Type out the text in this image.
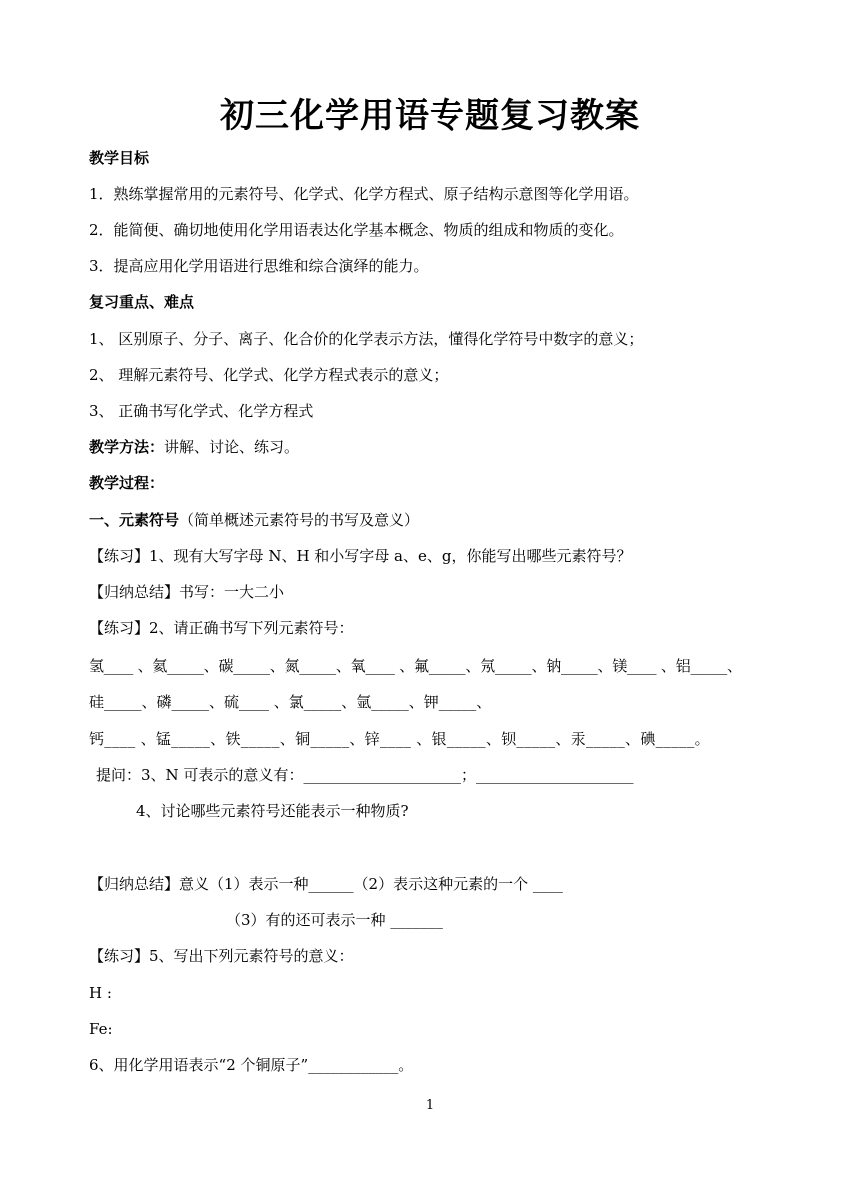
初三化学用语专题复习教案
教学目标
1．熟练掌握常用的元素符号、化学式、化学方程式、原子结构示意图等化学用语。
2．能简便、确切地使用化学用语表达化学基本概念、物质的组成和物质的变化。
3．提高应用化学用语进行思维和综合演绎的能力。
复习重点、难点
1、 区别原子、分子、离子、化合价的化学表示方法，懂得化学符号中数字的意义；
2、 理解元素符号、化学式、化学方程式表示的意义；
3、 正确书写化学式、化学方程式
教学方法：讲解、讨论、练习。
教学过程：
一、元素符号（简单概述元素符号的书写及意义）
【练习】1、现有大写字母 N、H 和小写字母 a、e、g，你能写出哪些元素符号？
【归纳总结】书写：一大二小
【练习】2、请正确书写下列元素符号：
氢____ 、氦_____、碳_____、氮_____、氧____ 、氟_____、氖_____、钠_____、镁____ 、铝_____、
硅_____、磷_____、硫____ 、氯_____、氩_____、钾_____、
钙____ 、锰_____、铁_____、铜_____、锌____ 、银_____、钡_____、汞_____、碘_____。
提问：3、N 可表示的意义有：_____________________；_____________________
4、讨论哪些元素符号还能表示一种物质?
【归纳总结】意义（1）表示一种______（2）表示这种元素的一个 ____
（3）有的还可表示一种 _______
【练习】5、写出下列元素符号的意义：
H :
Fe:
6、用化学用语表示“2 个铜原子”____________。
1
